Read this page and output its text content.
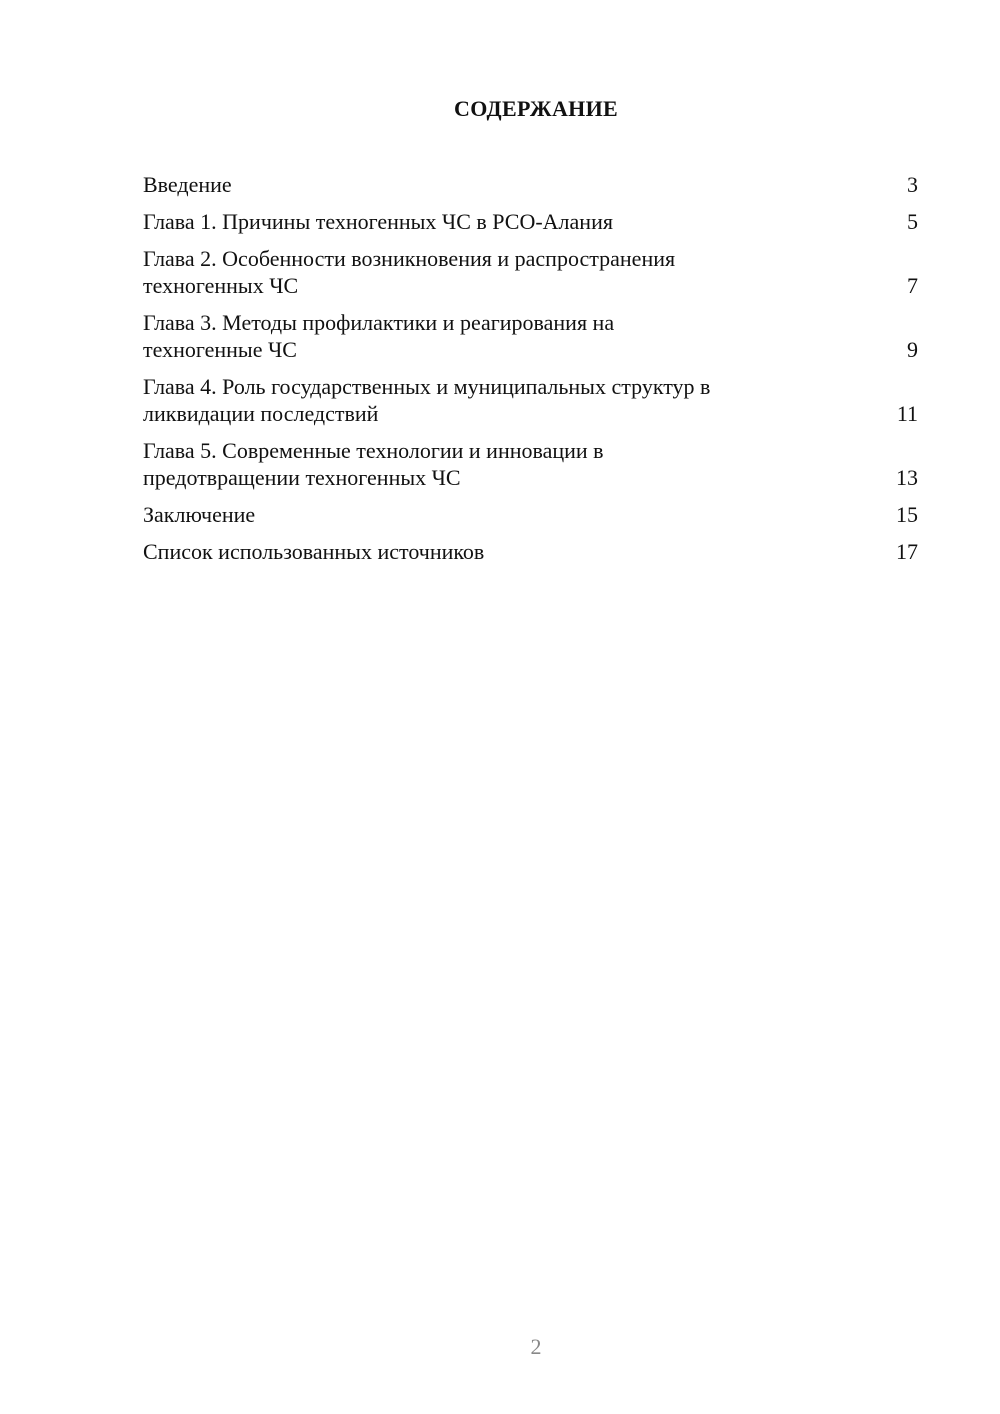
СОДЕРЖАНИЕ
Введение	3
Глава 1. Причины техногенных ЧС в РСО-Алания	5
Глава 2. Особенности возникновения и распространения
техногенных ЧС	7
Глава 3. Методы профилактики и реагирования на
техногенные ЧС	9
Глава 4. Роль государственных и муниципальных структур в
ликвидации последствий	11
Глава 5. Современные технологии и инновации в
предотвращении техногенных ЧС	13
Заключение	15
Список использованных источников	17
2
